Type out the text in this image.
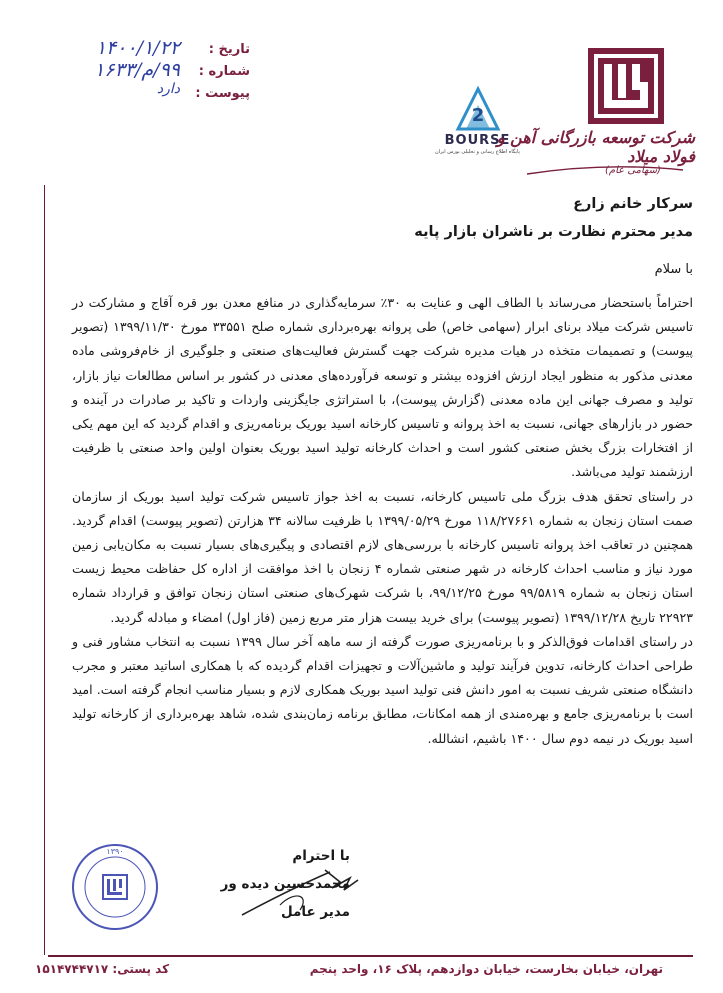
تاریخ :
۱۴۰۰/۱/۲۲
شماره :
۹۹/م/۱۶۳۳
پیوست :
دارد
2
BOURSE
پایگاه اطلاع رسانی و تحلیلی بورس ایران
شرکت توسعه بازرگانی آهن و فولاد میلاد
(سهامی عام)
سرکار خانم زارع
مدیر محترم نظارت بر ناشران بازار پایه
با سلام

احتراماً باستحضار می‌رساند با الطاف الهی و عنایت به ۳۰٪ سرمایه‌گذاری در منافع معدن بور قره آقاج و مشارکت در تاسیس شرکت میلاد برنای ابرار (سهامی خاص) طی پروانه بهره‌برداری شماره صلح ۳۳۵۵۱ مورخ ۱۳۹۹/۱۱/۳۰ (تصویر پیوست) و تصمیمات متخذه در هیات مدیره شرکت جهت گسترش فعالیت‌های صنعتی و جلوگیری از خام‌فروشی ماده معدنی مذکور به منظور ایجاد ارزش افزوده بیشتر و توسعه فرآورده‌های معدنی در کشور بر اساس مطالعات نیاز بازار، تولید و مصرف جهانی این ماده معدنی (گزارش پیوست)، با استراتژی جایگزینی واردات و تاکید بر صادرات در آینده و حضور در بازارهای جهانی، نسبت به اخذ پروانه و تاسیس کارخانه اسید بوریک برنامه‌ریزی و اقدام گردید که این مهم یکی از افتخارات بزرگ بخش صنعتی کشور است و احداث کارخانه تولید اسید بوریک بعنوان اولین واحد صنعتی با ظرفیت ارزشمند تولید می‌باشد.

در راستای تحقق هدف بزرگ ملی تاسیس کارخانه، نسبت به اخذ جواز تاسیس شرکت تولید اسید بوریک از سازمان صمت استان زنجان به شماره ۱۱۸/۲۷۶۶۱ مورخ ۱۳۹۹/۰۵/۲۹ با ظرفیت سالانه ۳۴ هزارتن (تصویر پیوست) اقدام گردید. همچنین در تعاقب اخذ پروانه تاسیس کارخانه با بررسی‌های لازم اقتصادی و پیگیری‌های بسیار نسبت به مکان‌یابی زمین مورد نیاز و مناسب احداث کارخانه در شهر صنعتی شماره ۴ زنجان با اخذ موافقت از اداره کل حفاظت محیط زیست استان زنجان به شماره ۹۹/۵۸۱۹ مورخ ۹۹/۱۲/۲۵، با شرکت شهرک‌های صنعتی استان زنجان توافق و قرارداد شماره ۲۲۹۲۳ تاریخ ۱۳۹۹/۱۲/۲۸ (تصویر پیوست) برای خرید بیست هزار متر مربع زمین (فاز اول) امضاء و مبادله گردید.

در راستای اقدامات فوق‌الذکر و با برنامه‌ریزی صورت گرفته از سه ماهه آخر سال ۱۳۹۹ نسبت به انتخاب مشاور فنی و طراحی احداث کارخانه، تدوین فرآیند تولید و ماشین‌آلات و تجهیزات اقدام گردیده که با همکاری اساتید معتبر و مجرب دانشگاه صنعتی شریف نسبت به امور دانش فنی تولید اسید بوریک همکاری لازم و بسیار مناسب انجام گرفته است. امید است با برنامه‌ریزی جامع و بهره‌مندی از همه امکانات، مطابق برنامه زمان‌بندی شده، شاهد بهره‌برداری از کارخانه تولید اسید بوریک در نیمه دوم سال ۱۴۰۰ باشیم، انشالله.

۱۳۹۰	با احترام
محمدحسین دیده ور
مدیر عامل
تهران، خیابان بخارست، خیابان دوازدهم، پلاک ۱۶، واحد پنجم
کد پستی: ۱۵۱۴۷۴۴۷۱۷
